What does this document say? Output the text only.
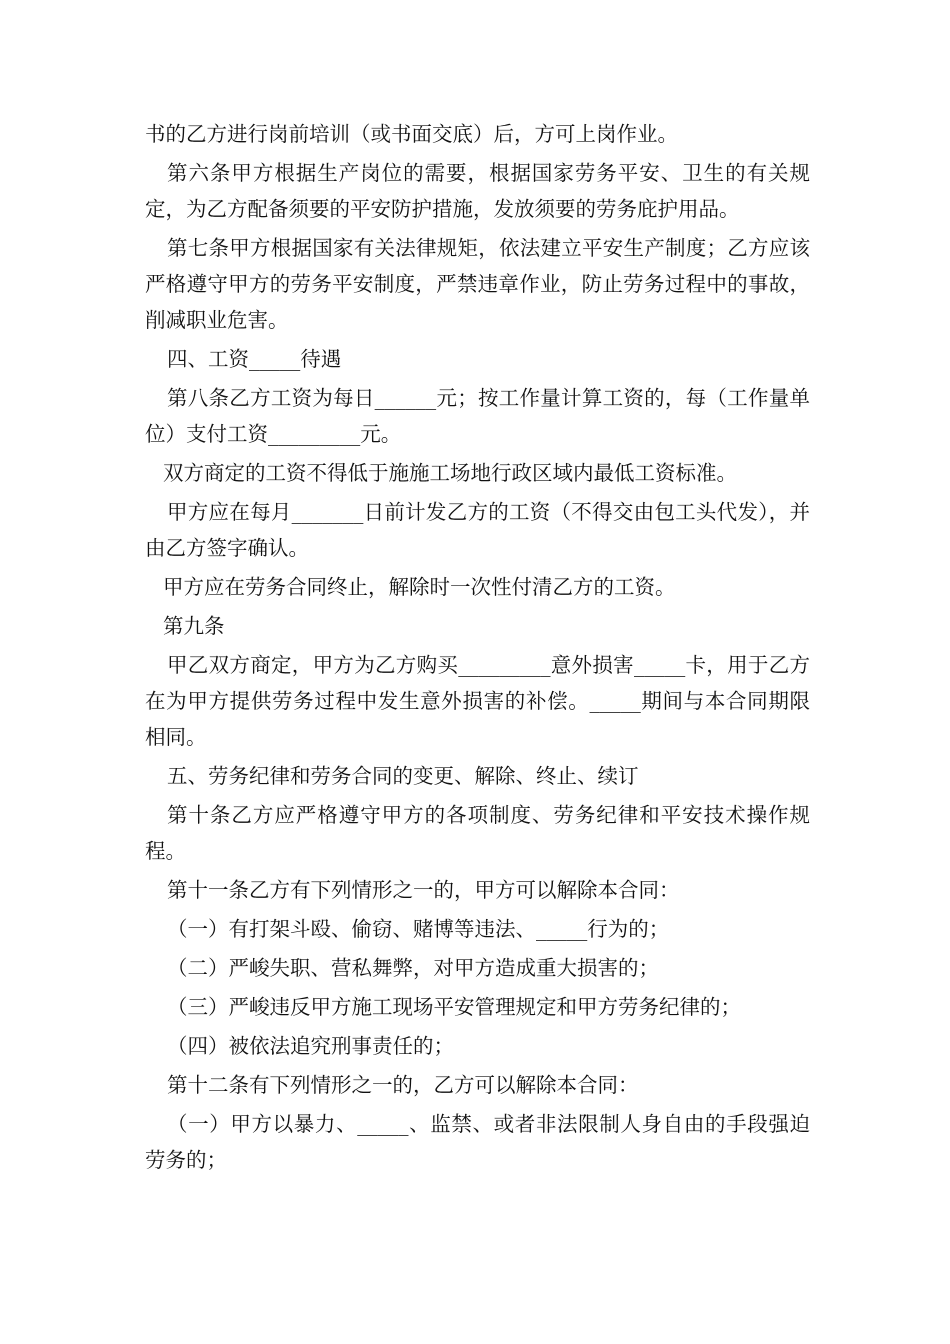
书的乙方进行岗前培训（或书面交底）后，方可上岗作业。

第六条甲方根据生产岗位的需要，根据国家劳务平安、卫生的有关规定，为乙方配备须要的平安防护措施，发放须要的劳务庇护用品。

第七条甲方根据国家有关法律规矩，依法建立平安生产制度；乙方应该严格遵守甲方的劳务平安制度，严禁违章作业，防止劳务过程中的事故，削减职业危害。

四、工资_____待遇

第八条乙方工资为每日______元；按工作量计算工资的，每（工作量单位）支付工资_________元。

双方商定的工资不得低于施施工场地行政区域内最低工资标准。

甲方应在每月_______日前计发乙方的工资（不得交由包工头代发），并由乙方签字确认。

甲方应在劳务合同终止，解除时一次性付清乙方的工资。

第九条

甲乙双方商定，甲方为乙方购买_________意外损害_____卡，用于乙方在为甲方提供劳务过程中发生意外损害的补偿。_____期间与本合同期限相同。

五、劳务纪律和劳务合同的变更、解除、终止、续订

第十条乙方应严格遵守甲方的各项制度、劳务纪律和平安技术操作规程。

第十一条乙方有下列情形之一的，甲方可以解除本合同：

（一）有打架斗殴、偷窃、赌博等违法、_____行为的；

（二）严峻失职、营私舞弊，对甲方造成重大损害的；

（三）严峻违反甲方施工现场平安管理规定和甲方劳务纪律的；

（四）被依法追究刑事责任的；

第十二条有下列情形之一的，乙方可以解除本合同：

（一）甲方以暴力、_____、监禁、或者非法限制人身自由的手段强迫劳务的；
